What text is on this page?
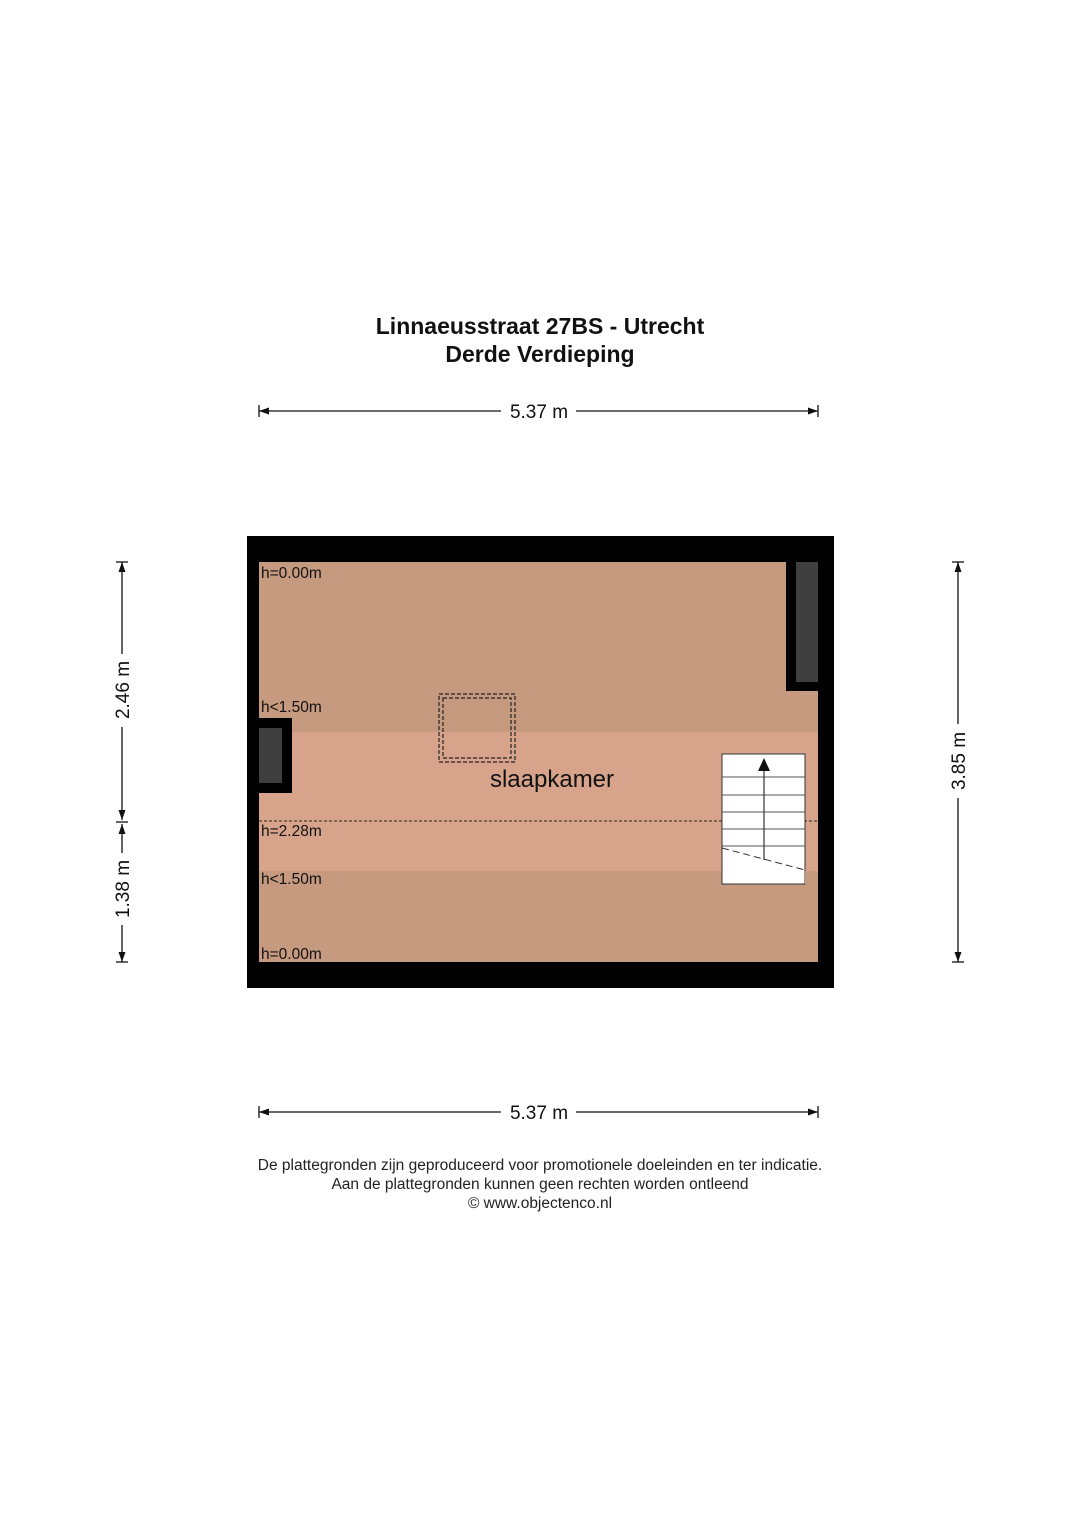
Linnaeusstraat 27BS - Utrecht
Derde Verdieping
5.37 m
5.37 m
3.85 m
2.46 m
1.38 m
h=0.00m
h<1.50m
h=2.28m
h<1.50m
h=0.00m
slaapkamer
De plattegronden zijn geproduceerd voor promotionele doeleinden en ter indicatie.
Aan de plattegronden kunnen geen rechten worden ontleend
© www.objectenco.nl
